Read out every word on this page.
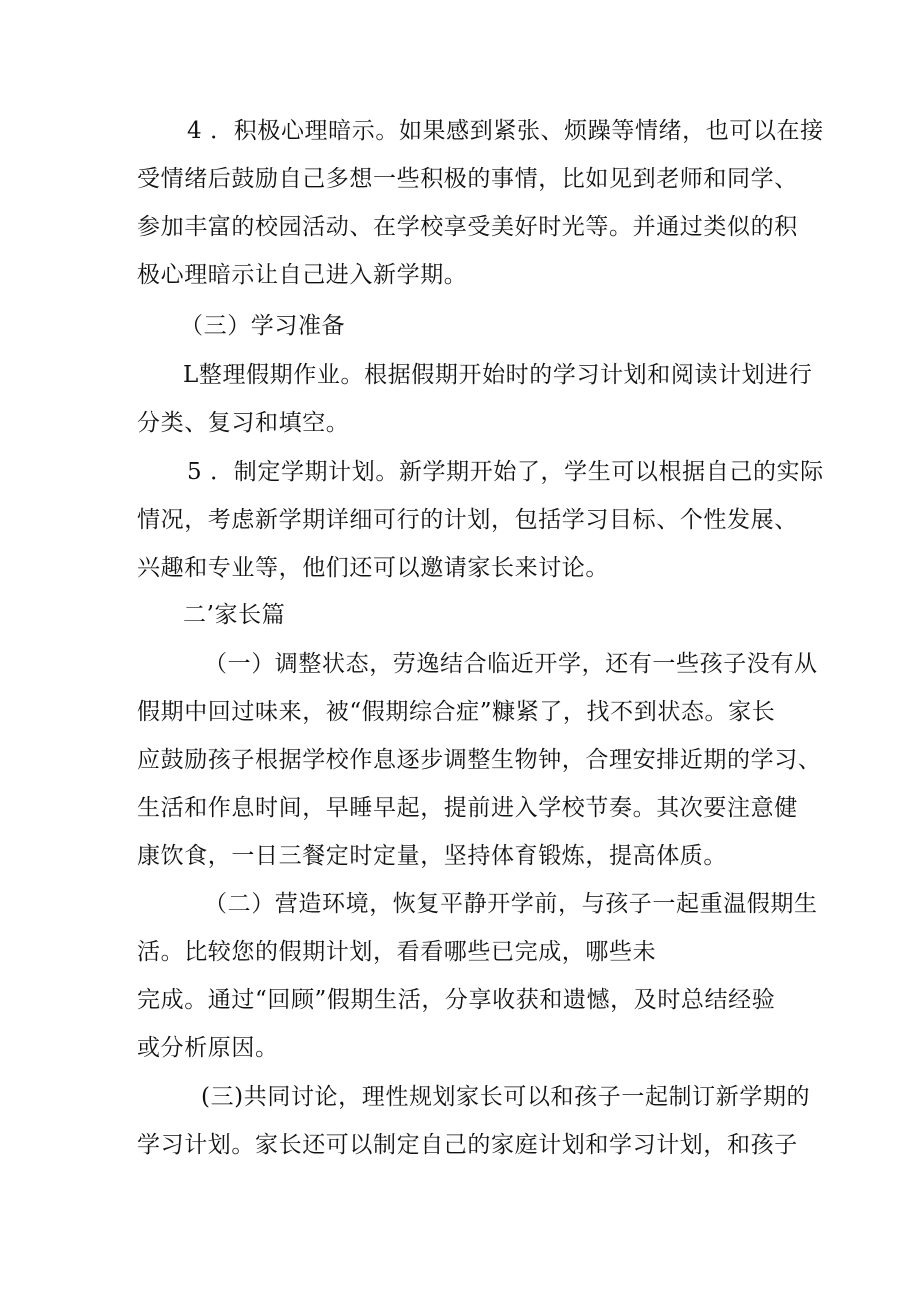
4 ．积极心理暗示。如果感到紧张、烦躁等情绪，也可以在接
受情绪后鼓励自己多想一些积极的事情，比如见到老师和同学、
参加丰富的校园活动、在学校享受美好时光等。并通过类似的积
极心理暗示让自己进入新学期。
（三）学习准备
L整理假期作业。根据假期开始时的学习计划和阅读计划进行
分类、复习和填空。
5 ．制定学期计划。新学期开始了，学生可以根据自己的实际
情况，考虑新学期详细可行的计划，包括学习目标、个性发展、
兴趣和专业等，他们还可以邀请家长来讨论。
二’家长篇
（一）调整状态，劳逸结合临近开学，还有一些孩子没有从
假期中回过味来，被“假期综合症”糠紧了，找不到状态。家长
应鼓励孩子根据学校作息逐步调整生物钟，合理安排近期的学习、
生活和作息时间，早睡早起，提前进入学校节奏。其次要注意健
康饮食，一日三餐定时定量，坚持体育锻炼，提高体质。
（二）营造环境，恢复平静开学前，与孩子一起重温假期生
活。比较您的假期计划，看看哪些已完成，哪些未
完成。通过“回顾”假期生活，分享收获和遗憾，及时总结经验
或分析原因。
(三)共同讨论，理性规划家长可以和孩子一起制订新学期的
学习计划。家长还可以制定自己的家庭计划和学习计划，和孩子
